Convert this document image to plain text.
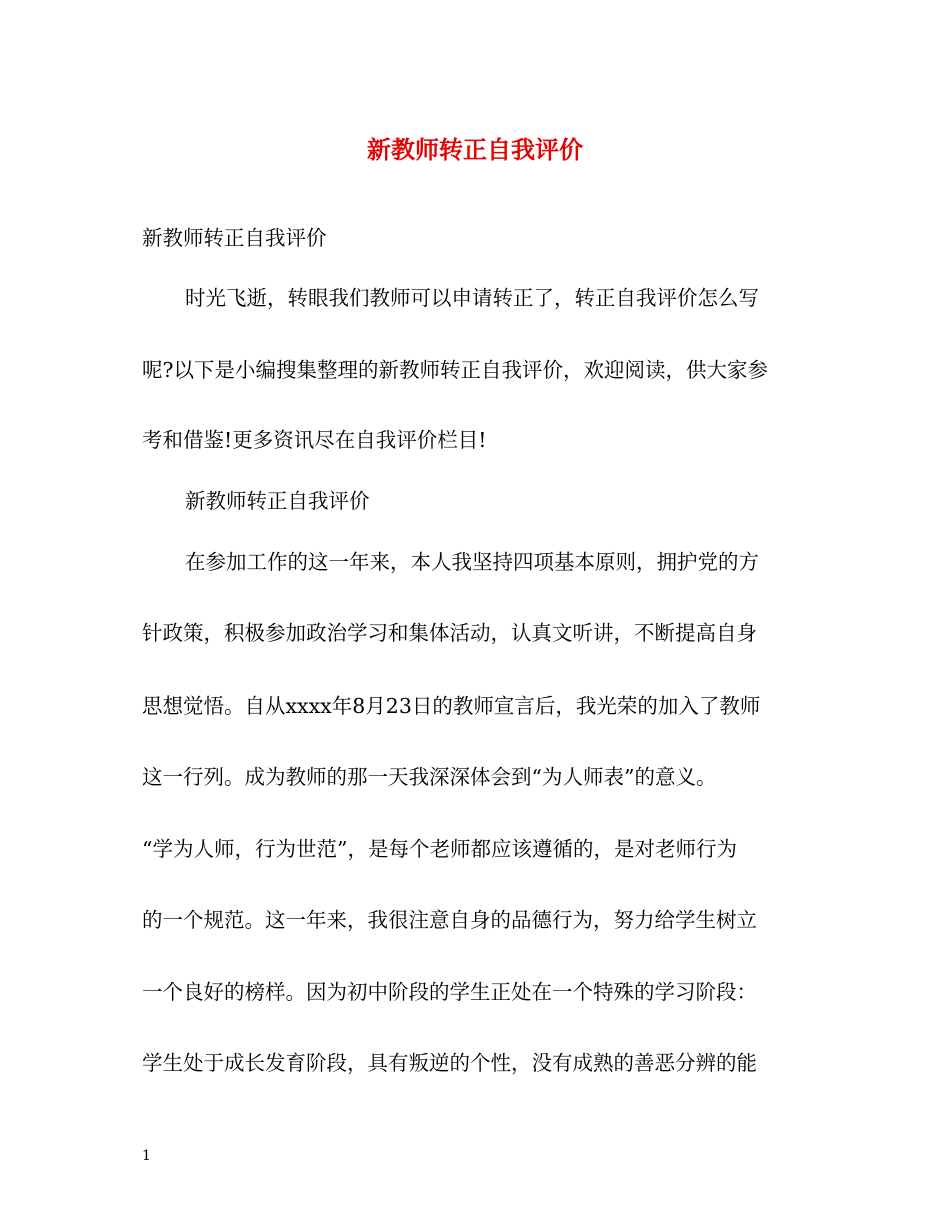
新教师转正自我评价

新教师转正自我评价

时光飞逝，转眼我们教师可以申请转正了，转正自我评价怎么写

呢?以下是小编搜集整理的新教师转正自我评价，欢迎阅读，供大家参

考和借鉴!更多资讯尽在自我评价栏目!

新教师转正自我评价

在参加工作的这一年来，本人我坚持四项基本原则，拥护党的方

针政策，积极参加政治学习和集体活动，认真文听讲，不断提高自身

思想觉悟。自从xxxx年8月23日的教师宣言后，我光荣的加入了教师

这一行列。成为教师的那一天我深深体会到“为人师表”的意义。

“学为人师，行为世范”，是每个老师都应该遵循的，是对老师行为

的一个规范。这一年来，我很注意自身的品德行为，努力给学生树立

一个良好的榜样。因为初中阶段的学生正处在一个特殊的学习阶段：

学生处于成长发育阶段，具有叛逆的个性，没有成熟的善恶分辨的能

1
